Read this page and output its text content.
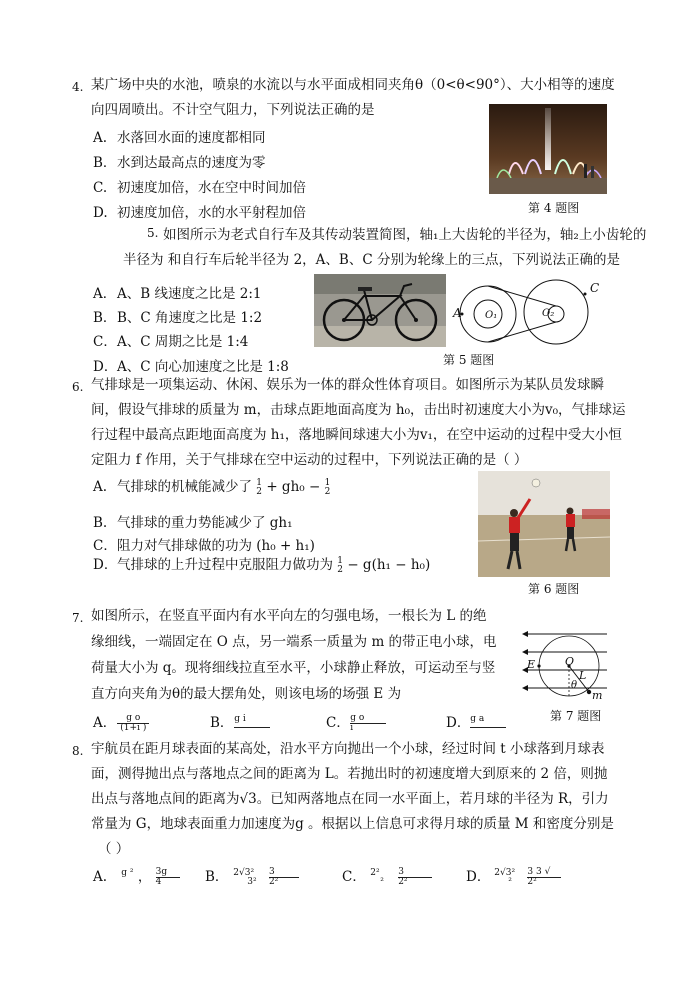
4. 某广场中央的水池，喷泉的水流以与水平面成相同夹角θ（0<θ<90°）、大小相等的速度
向四周喷出。不计空气阻力，下列说法正确的是
A. 水落回水面的速度都相同
B．水到达最高点的速度为零
C. 初速度加倍，水在空中时间加倍
D. 初速度加倍，水的水平射程加倍	第 4 题图
5. 如图所示为老式自行车及其传动装置简图，轴₁上大齿轮的半径为，轴₂上小齿轮的
半径为 和自行车后轮半径为 2，A、B、C 分别为轮缘上的三点，下列说法正确的是
A．A、B 线速度之比是 2:1
B．B、C 角速度之比是 1:2
C．A、C 周期之比是 1:4
D．A、C 向心加速度之比是 1:8
A
C
O₁	O₂
第 5 题图
6. 气排球是一项集运动、休闲、娱乐为一体的群众性体育项目。如图所示为某队员发球瞬
间，假设气排球的质量为 m，击球点距地面高度为 h₀，击出时初速度大小为v₀，气排球运
行过程中最高点距地面高度为 h₁，落地瞬间球速大小为v₁，在空中运动的过程中受大小恒
定阻力 f 作用，关于气排球在空中运动的过程中，下列说法正确的是（ ）
A. 气排球的机械能减少了 1
2 + gh₀ − 1
2
B. 气排球的重力势能减少了 gh₁
C．阻力对气排球做的功为 (h₀ + h₁)
D．气排球的上升过程中克服阻力做功为 1
2 − g(h₁ − h₀)
第 6 题图
7. 如图所示，在竖直平面内有水平向左的匀强电场，一根长为 L 的绝
缘细线，一端固定在 O 点，另一端系一质量为 m 的带正电小球，电
荷量大小为 q。现将细线拉直至水平，小球静止释放，可运动至与竖
直方向夹角为θ的最大摆角处，则该电场的场强 E 为
A． $\frac{\text{g o}}{(1+i )}$	B． g i	C． $\frac{\text{g o}}{i}$	D． g a

E	O
L
θ
m
第 7 题图
8. 宇航员在距月球表面的某高处，沿水平方向抛出一个小球，经过时间 t 小球落到月球表
面，测得抛出点与落地点之间的距离为 L。若抛出时的初速度增大到原来的 2 倍，则抛
出点与落地点间的距离为√3。已知两落地点在同一水平面上，若月球的半径为 R，引力
常量为 G，地球表面重力加速度为g 。根据以上信息可求得月球的质量 M 和密度分别是
（ ）
A. g ² ， $\frac{3g}{4}$ B． 2√3²
$3^2 \frac{3}{\text{2²}}$	C． 2²
$^2 \frac{3}{\text{2²}}$	D． 2√3²
$^2 \frac{3 3 √}{\text{2²}}$
